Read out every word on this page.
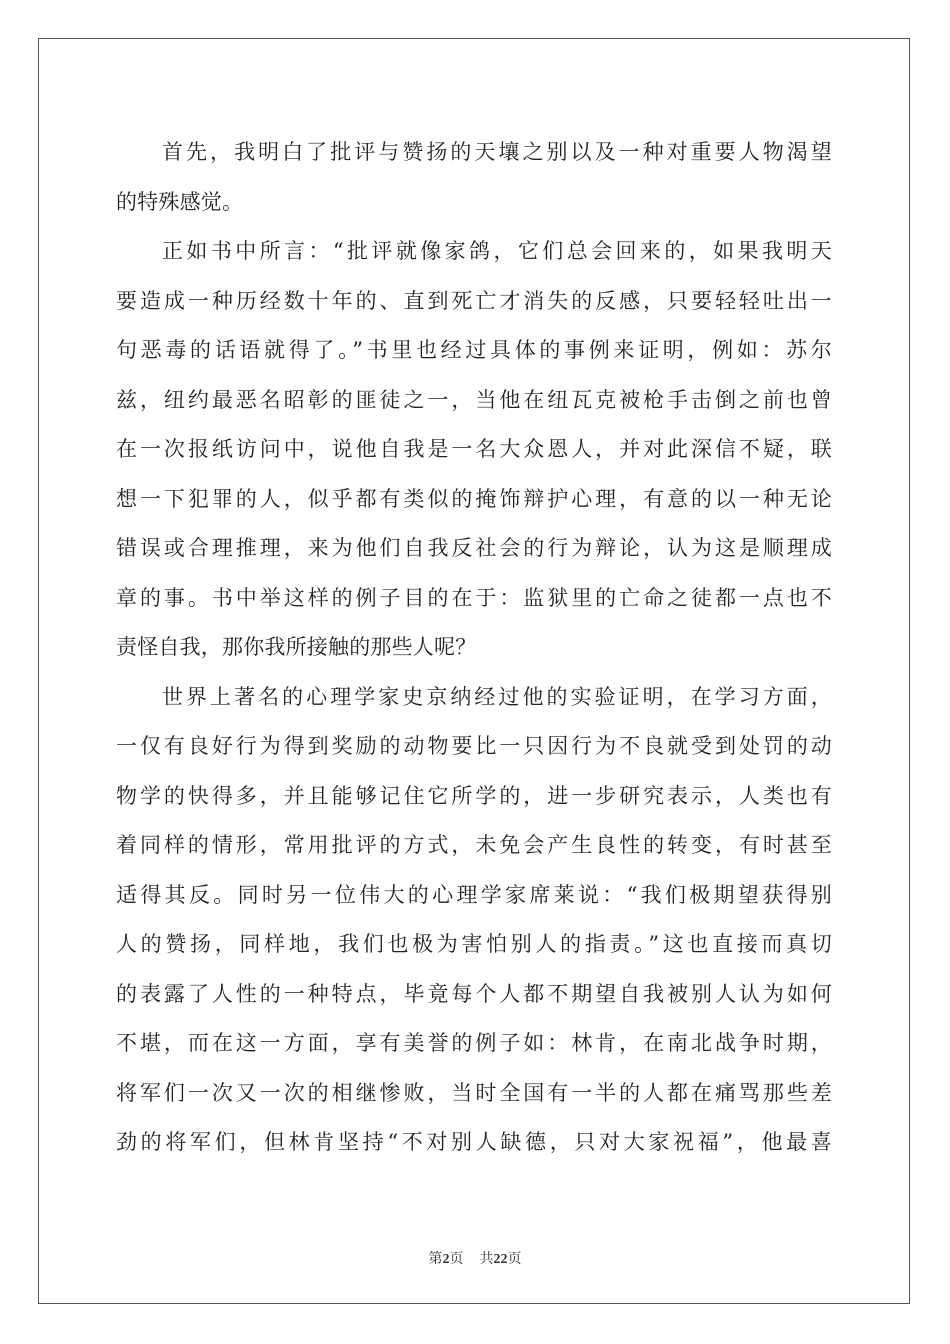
首先，我明白了批评与赞扬的天壤之别以及一种对重要人物渴望
的特殊感觉。
正如书中所言：“批评就像家鸽，它们总会回来的，如果我明天
要造成一种历经数十年的、直到死亡才消失的反感，只要轻轻吐出一
句恶毒的话语就得了。”书里也经过具体的事例来证明，例如：苏尔
兹，纽约最恶名昭彰的匪徒之一，当他在纽瓦克被枪手击倒之前也曾
在一次报纸访问中，说他自我是一名大众恩人，并对此深信不疑，联
想一下犯罪的人，似乎都有类似的掩饰辩护心理，有意的以一种无论
错误或合理推理，来为他们自我反社会的行为辩论，认为这是顺理成
章的事。书中举这样的例子目的在于：监狱里的亡命之徒都一点也不
责怪自我，那你我所接触的那些人呢？
世界上著名的心理学家史京纳经过他的实验证明，在学习方面，
一仅有良好行为得到奖励的动物要比一只因行为不良就受到处罚的动
物学的快得多，并且能够记住它所学的，进一步研究表示，人类也有
着同样的情形，常用批评的方式，未免会产生良性的转变，有时甚至
适得其反。同时另一位伟大的心理学家席莱说：“我们极期望获得别
人的赞扬，同样地，我们也极为害怕别人的指责。”这也直接而真切
的表露了人性的一种特点，毕竟每个人都不期望自我被别人认为如何
不堪，而在这一方面，享有美誉的例子如：林肯，在南北战争时期，
将军们一次又一次的相继惨败，当时全国有一半的人都在痛骂那些差
劲的将军们，但林肯坚持“不对别人缺德，只对大家祝福”，他最喜
第2页 共22页
